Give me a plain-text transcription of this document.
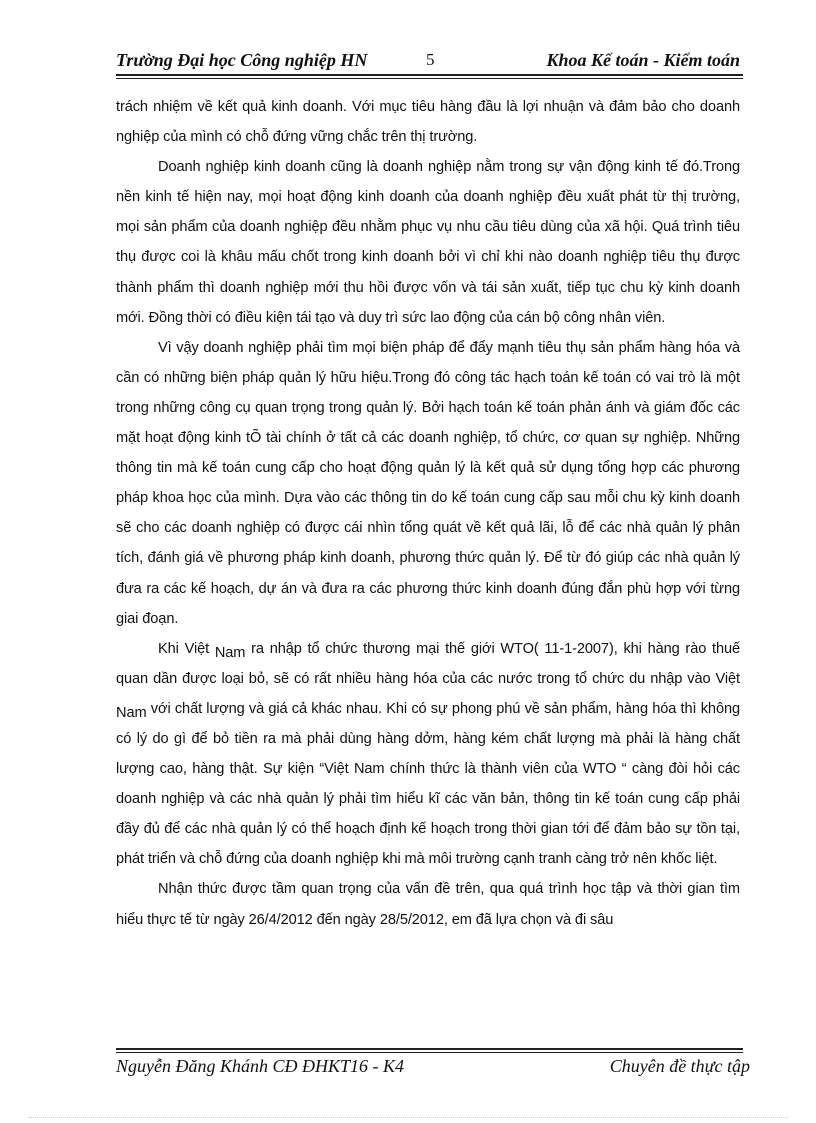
Trường Đại học Công nghiệp HN	5	Khoa Kế toán - Kiểm toán

trách nhiệm về kết quả kinh doanh. Với mục tiêu hàng đầu là lợi nhuận và đảm bảo cho doanh nghiệp của mình có chỗ đứng vững chắc trên thị trường.

Doanh nghiệp kinh doanh cũng là doanh nghiệp nằm trong sự vận động kinh tế đó.Trong nền kinh tế hiện nay, mọi hoạt động kinh doanh của doanh nghiệp đều xuất phát từ thị trường, mọi sản phẩm của doanh nghiệp đều nhằm phục vụ nhu cầu tiêu dùng của xã hội. Quá trình tiêu thụ được coi là khâu mấu chốt trong kinh doanh bởi vì chỉ khi nào doanh nghiệp tiêu thụ được thành phẩm thì doanh nghiệp mới thu hồi được vốn và tái sản xuất, tiếp tục chu kỳ kinh doanh mới. Đồng thời có điều kiện tái tạo và duy trì sức lao động của cán bộ công nhân viên.

Vì vậy doanh nghiệp phải tìm mọi biện pháp để đẩy mạnh tiêu thụ sản phẩm hàng hóa và cần có những biện pháp quản lý hữu hiệu.Trong đó công tác hạch toán kế toán có vai trò là một trong những công cụ quan trọng trong quản lý. Bởi hạch toán kế toán phản ánh và giám đốc các mặt hoạt động kinh tÕ tài chính ở tất cả các doanh nghiệp, tổ chức, cơ quan sự nghiệp. Những thông tin mà kế toán cung cấp cho hoạt động quản lý là kết quả sử dụng tổng hợp các phương pháp khoa học của mình. Dựa vào các thông tin do kế toán cung cấp sau mỗi chu kỳ kinh doanh sẽ cho các doanh nghiệp có được cái nhìn tổng quát về kết quả lãi, lỗ để các nhà quản lý phân tích, đánh giá về phương pháp kinh doanh, phương thức quản lý. Để từ đó giúp các nhà quản lý đưa ra các kế hoạch, dự án và đưa ra các phương thức kinh doanh đúng đắn phù hợp với từng giai đoạn.

Khi Việt Nam ra nhập tổ chức thương mại thế giới WTO( 11-1-2007), khi hàng rào thuế quan dần được loại bỏ, sẽ có rất nhiều hàng hóa của các nước trong tổ chức du nhập vào Việt Nam với chất lượng và giá cả khác nhau. Khi có sự phong phú về sản phẩm, hàng hóa thì không có lý do gì để bỏ tiền ra mà phải dùng hàng dởm, hàng kém chất lượng mà phải là hàng chất lượng cao, hàng thật. Sự kiện “Việt Nam chính thức là thành viên của WTO “ càng đòi hỏi các doanh nghiệp và các nhà quản lý phải tìm hiểu kĩ các văn bản, thông tin kế toán cung cấp phải đầy đủ để các nhà quản lý có thể hoạch định kế hoạch trong thời gian tới để đảm bảo sự tồn tại, phát triển và chỗ đứng của doanh nghiệp khi mà môi trường cạnh tranh càng trở nên khốc liệt.

Nhận thức được tầm quan trọng của vấn đề trên, qua quá trình học tập và thời gian tìm hiểu thực tế từ ngày 26/4/2012 đến ngày 28/5/2012, em đã lựa chọn và đi sâu

Nguyễn Đăng Khánh CĐ ĐHKT16 - K4	Chuyên đề thực tập
